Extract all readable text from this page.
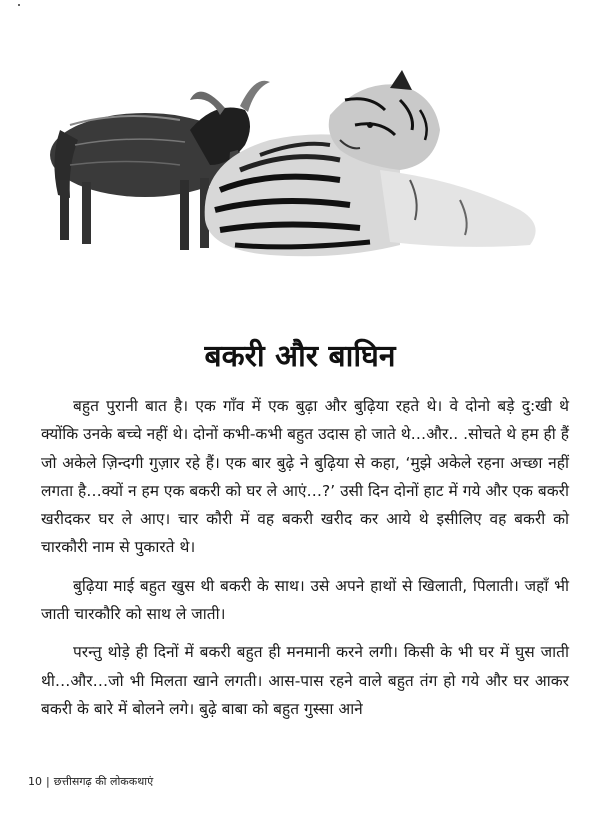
बकरी और बाघिन

बहुत पुरानी बात है। एक गाँव में एक बुढ़ा और बुढ़िया रहते थे। वे दोनो बड़े दु:खी थे क्योंकि उनके बच्चे नहीं थे। दोनों कभी-कभी बहुत उदास हो जाते थे…और.. .सोचते थे हम ही हैं जो अकेले ज़िन्दगी गुज़ार रहे हैं। एक बार बुढ़े ने बुढ़िया से कहा, ‘मुझे अकेले रहना अच्छा नहीं लगता है…क्यों न हम एक बकरी को घर ले आएं…?’ उसी दिन दोनों हाट में गये और एक बकरी खरीदकर घर ले आए। चार कौरी में वह बकरी खरीद कर आये थे इसीलिए वह बकरी को चारकौरी नाम से पुकारते थे।

बुढ़िया माई बहुत खुस थी बकरी के साथ। उसे अपने हाथों से खिलाती, पिलाती। जहाँ भी जाती चारकौरि को साथ ले जाती।

परन्तु थोड़े ही दिनों में बकरी बहुत ही मनमानी करने लगी। किसी के भी घर में घुस जाती थी…और…जो भी मिलता खाने लगती। आस-पास रहने वाले बहुत तंग हो गये और घर आकर बकरी के बारे में बोलने लगे। बुढ़े बाबा को बहुत गुस्सा आने

10 | छत्तीसगढ़ की लोककथाएं
